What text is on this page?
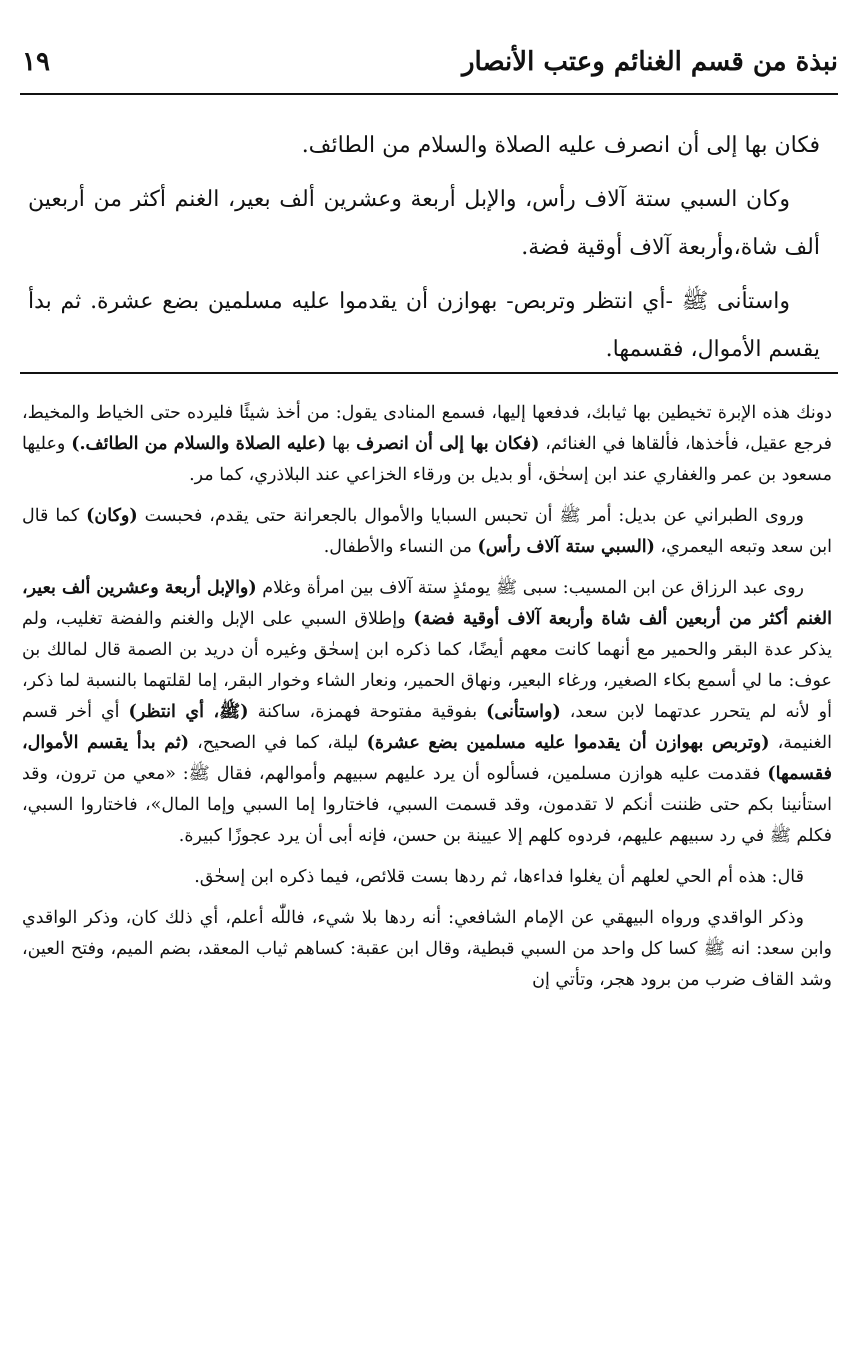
نبذة من قسم الغنائم وعتب الأنصار
١٩

فكان بها إلى أن انصرف عليه الصلاة والسلام من الطائف.

وكان السبي ستة آلاف رأس، والإبل أربعة وعشرين ألف بعير، الغنم أكثر من أربعين ألف شاة،وأربعة آلاف أوقية فضة.

واستأنى ﷺ -أي انتظر وتربص- بهوازن أن يقدموا عليه مسلمين بضع عشرة. ثم بدأ يقسم الأموال، فقسمها.

دونك هذه الإبرة تخيطين بها ثيابك، فدفعها إليها، فسمع المنادى يقول: من أخذ شيئًا فليرده حتى الخياط والمخيط، فرجع عقيل، فأخذها، فألقاها في الغنائم، (فكان بها إلى أن انصرف بها (عليه الصلاة والسلام من الطائف.) وعليها مسعود بن عمر والغفاري عند ابن إسحٰق، أو بديل بن ورقاء الخزاعي عند البلاذري، كما مر.

وروى الطبراني عن بديل: أمر ﷺ أن تحبس السبايا والأموال بالجعرانة حتى يقدم، فحبست (وكان) كما قال ابن سعد وتبعه اليعمري، (السبي ستة آلاف رأس) من النساء والأطفال.

روى عبد الرزاق عن ابن المسيب: سبى ﷺ يومئذٍ ستة آلاف بين امرأة وغلام (والإبل أربعة وعشرين ألف بعير، الغنم أكثر من أربعين ألف شاة وأربعة آلاف أوقية فضة) وإطلاق السبي على الإبل والغنم والفضة تغليب، ولم يذكر عدة البقر والحمير مع أنهما كانت معهم أيضًا، كما ذكره ابن إسحٰق وغيره أن دريد بن الصمة قال لمالك بن عوف: ما لي أسمع بكاء الصغير، ورغاء البعير، ونهاق الحمير، ونعار الشاء وخوار البقر، إما لقلتهما بالنسبة لما ذكر، أو لأنه لم يتحرر عدتهما لابن سعد، (واستأنى) بفوقية مفتوحة فهمزة، ساكنة (ﷺ، أي انتظر) أي أخر قسم الغنيمة، (وتربص بهوازن أن يقدموا عليه مسلمين بضع عشرة) ليلة، كما في الصحيح، (ثم بدأ يقسم الأموال، فقسمها) فقدمت عليه هوازن مسلمين، فسألوه أن يرد عليهم سبيهم وأموالهم، فقال ﷺ: «معي من ترون، وقد استأنينا بكم حتى ظننت أنكم لا تقدمون، وقد قسمت السبي، فاختاروا إما السبي وإما المال»، فاختاروا السبي، فكلم ﷺ في رد سبيهم عليهم، فردوه كلهم إلا عيينة بن حسن، فإنه أبى أن يرد عجوزًا كبيرة.

قال: هذه أم الحي لعلهم أن يغلوا فداءها، ثم ردها بست قلائص، فيما ذكره ابن إسحٰق.

وذكر الواقدي ورواه البيهقي عن الإمام الشافعي: أنه ردها بلا شيء، فاللّٰه أعلم، أي ذلك كان، وذكر الواقدي وابن سعد: انه ﷺ كسا كل واحد من السبي قبطية، وقال ابن عقبة: كساهم ثياب المعقد، بضم الميم، وفتح العين، وشد القاف ضرب من برود هجر، وتأتي إن
